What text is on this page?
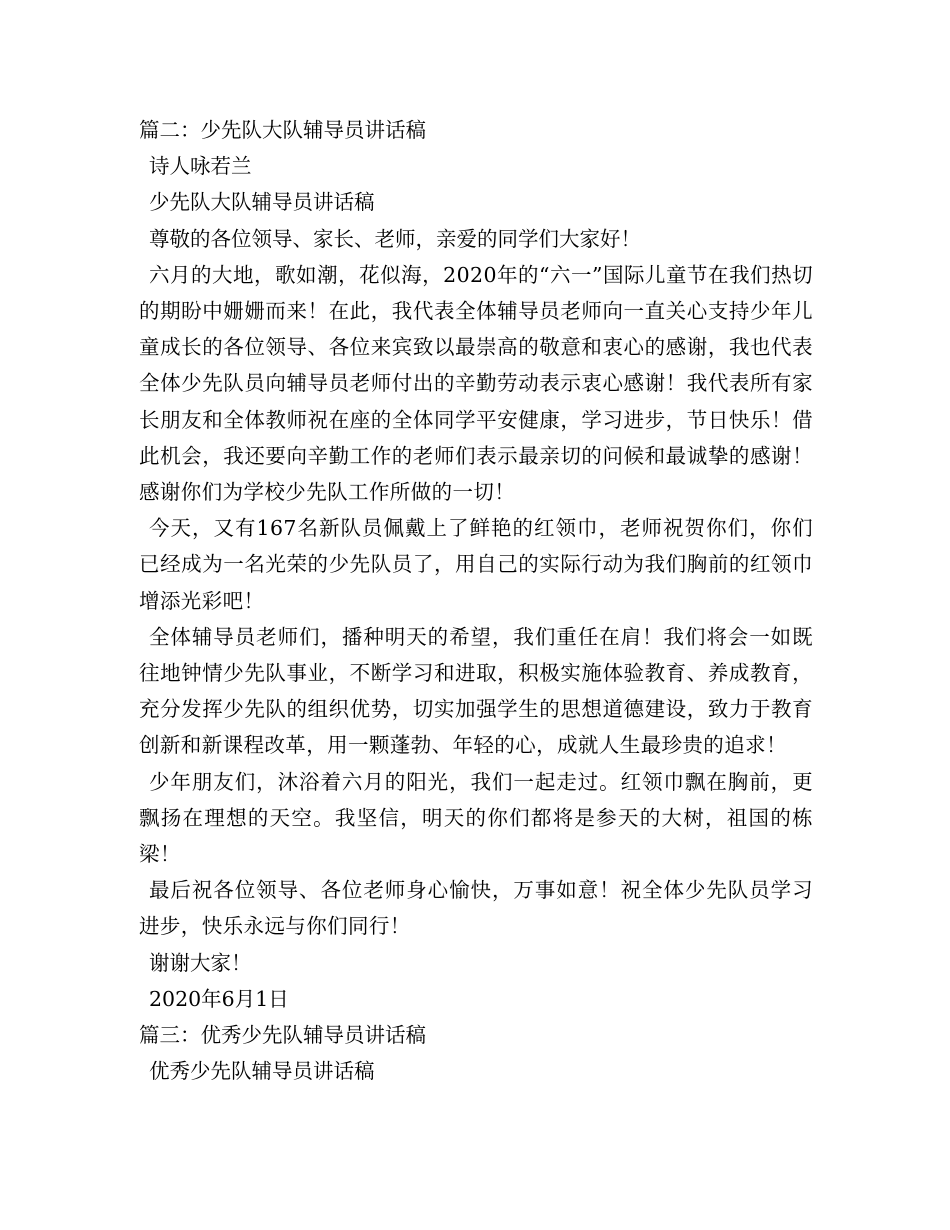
篇二：少先队大队辅导员讲话稿

诗人咏若兰

少先队大队辅导员讲话稿

尊敬的各位领导、家长、老师，亲爱的同学们大家好！

六月的大地，歌如潮，花似海，2020年的“六一”国际儿童节在我们热切的期盼中姗姗而来！在此，我代表全体辅导员老师向一直关心支持少年儿童成长的各位领导、各位来宾致以最崇高的敬意和衷心的感谢，我也代表全体少先队员向辅导员老师付出的辛勤劳动表示衷心感谢！我代表所有家长朋友和全体教师祝在座的全体同学平安健康，学习进步，节日快乐！借此机会，我还要向辛勤工作的老师们表示最亲切的问候和最诚挚的感谢！感谢你们为学校少先队工作所做的一切！

今天，又有167名新队员佩戴上了鲜艳的红领巾，老师祝贺你们，你们已经成为一名光荣的少先队员了，用自己的实际行动为我们胸前的红领巾增添光彩吧！

全体辅导员老师们，播种明天的希望，我们重任在肩！我们将会一如既往地钟情少先队事业，不断学习和进取，积极实施体验教育、养成教育，充分发挥少先队的组织优势，切实加强学生的思想道德建设，致力于教育创新和新课程改革，用一颗蓬勃、年轻的心，成就人生最珍贵的追求！

少年朋友们，沐浴着六月的阳光，我们一起走过。红领巾飘在胸前，更飘扬在理想的天空。我坚信，明天的你们都将是参天的大树，祖国的栋梁！

最后祝各位领导、各位老师身心愉快，万事如意！祝全体少先队员学习进步，快乐永远与你们同行！

谢谢大家！

2020年6月1日

篇三：优秀少先队辅导员讲话稿

优秀少先队辅导员讲话稿
